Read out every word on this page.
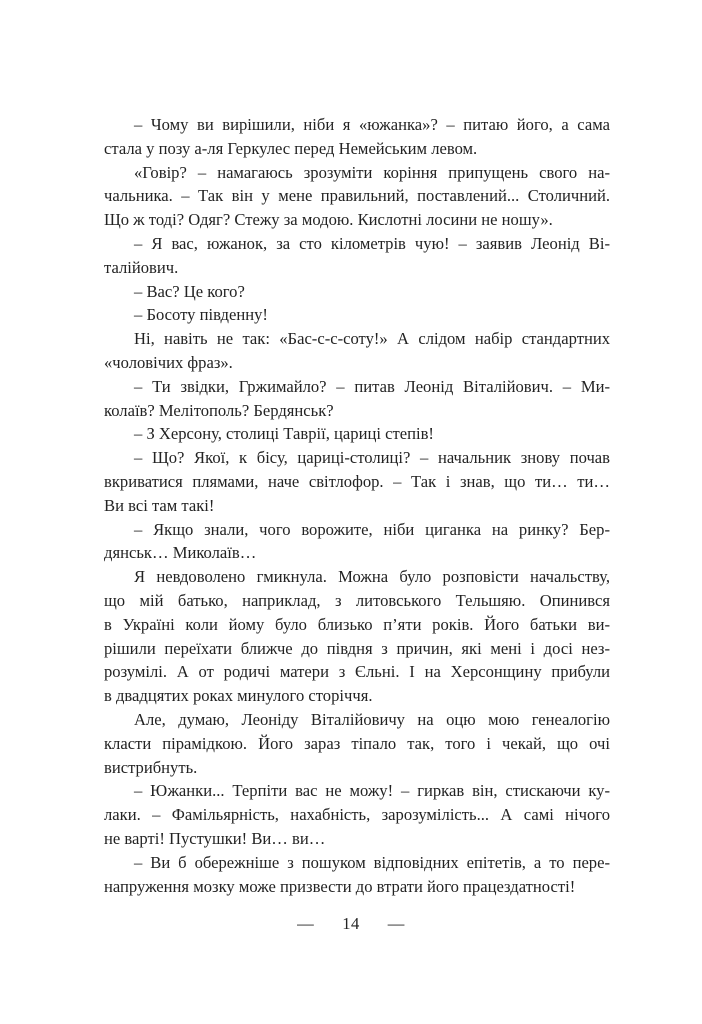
– Чому ви вирішили, ніби я «южанка»? – питаю його, а сама
стала у позу а-ля Геркулес перед Немейським левом.
«Говір? – намагаюсь зрозуміти коріння припущень свого на-
чальника. – Так він у мене правильний, поставлений... Столичний.
Що ж тоді? Одяг? Стежу за модою. Кислотні лосини не ношу».
– Я вас, южанок, за сто кілометрів чую! – заявив Леонід Ві-
талійович.
– Вас? Це кого?
– Босоту південну!
Ні, навіть не так: «Бас-с-с-соту!» А слідом набір стандартних
«чоловічих фраз».
– Ти звідки, Гржимайло? – питав Леонід Віталійович. – Ми-
колаїв? Мелітополь? Бердянськ?
– З Херсону, столиці Таврії, цариці степів!
– Що? Якої, к бісу, цариці-столиці? – начальник знову почав
вкриватися плямами, наче світлофор. – Так і знав, що ти… ти…
Ви всі там такі!
– Якщо знали, чого ворожите, ніби циганка на ринку? Бер-
дянськ… Миколаїв…
Я невдоволено гмикнула. Можна було розповісти начальству,
що мій батько, наприклад, з литовського Тельшяю. Опинився
в Україні коли йому було близько п’яти років. Його батьки ви-
рішили переїхати ближче до півдня з причин, які мені і досі нез-
розумілі. А от родичі матери з Єльні. І на Херсонщину прибули
в двадцятих роках минулого сторіччя.
Але, думаю, Леоніду Віталійовичу на оцю мою генеалогію
класти пірамідкою. Його зараз тіпало так, того і чекай, що очі
вистрибнуть.
– Южанки... Терпіти вас не можу! – гиркав він, стискаючи ку-
лаки. – Фамільярність, нахабність, зарозумілість... А самі нічого
не варті! Пустушки! Ви… ви…
– Ви б обережніше з пошуком відповідних епітетів, а то пере-
напруження мозку може призвести до втрати його працездатності!
— 14 —
